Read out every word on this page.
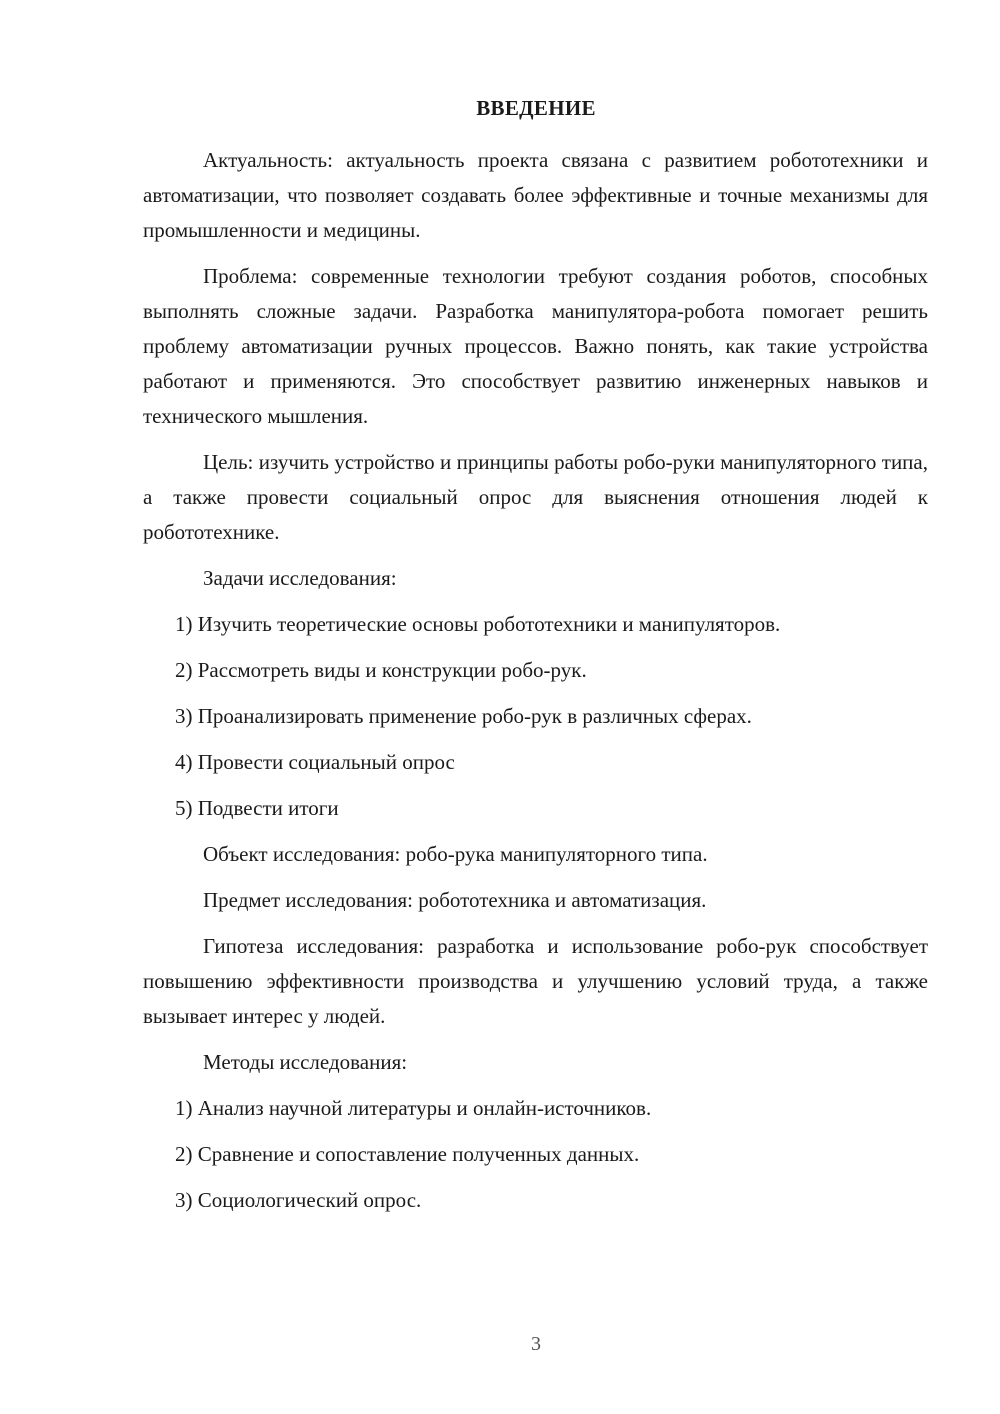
ВВЕДЕНИЕ

Актуальность: актуальность проекта связана с развитием робототехники и автоматизации, что позволяет создавать более эффективные и точные механизмы для промышленности и медицины.

Проблема: современные технологии требуют создания роботов, способных выполнять сложные задачи. Разработка манипулятора-робота помогает решить проблему автоматизации ручных процессов. Важно понять, как такие устройства работают и применяются. Это способствует развитию инженерных навыков и технического мышления.

Цель: изучить устройство и принципы работы робо-руки манипуляторного типа, а также провести социальный опрос для выяснения отношения людей к робототехнике.

Задачи исследования:

1) Изучить теоретические основы робототехники и манипуляторов.

2) Рассмотреть виды и конструкции робо-рук.

3) Проанализировать применение робо-рук в различных сферах.

4) Провести социальный опрос

5) Подвести итоги

Объект исследования: робо-рука манипуляторного типа.

Предмет исследования: робототехника и автоматизация.

Гипотеза исследования: разработка и использование робо-рук способствует повышению эффективности производства и улучшению условий труда, а также вызывает интерес у людей.

Методы исследования:

1) Анализ научной литературы и онлайн-источников.

2) Сравнение и сопоставление полученных данных.

3) Социологический опрос.

3
